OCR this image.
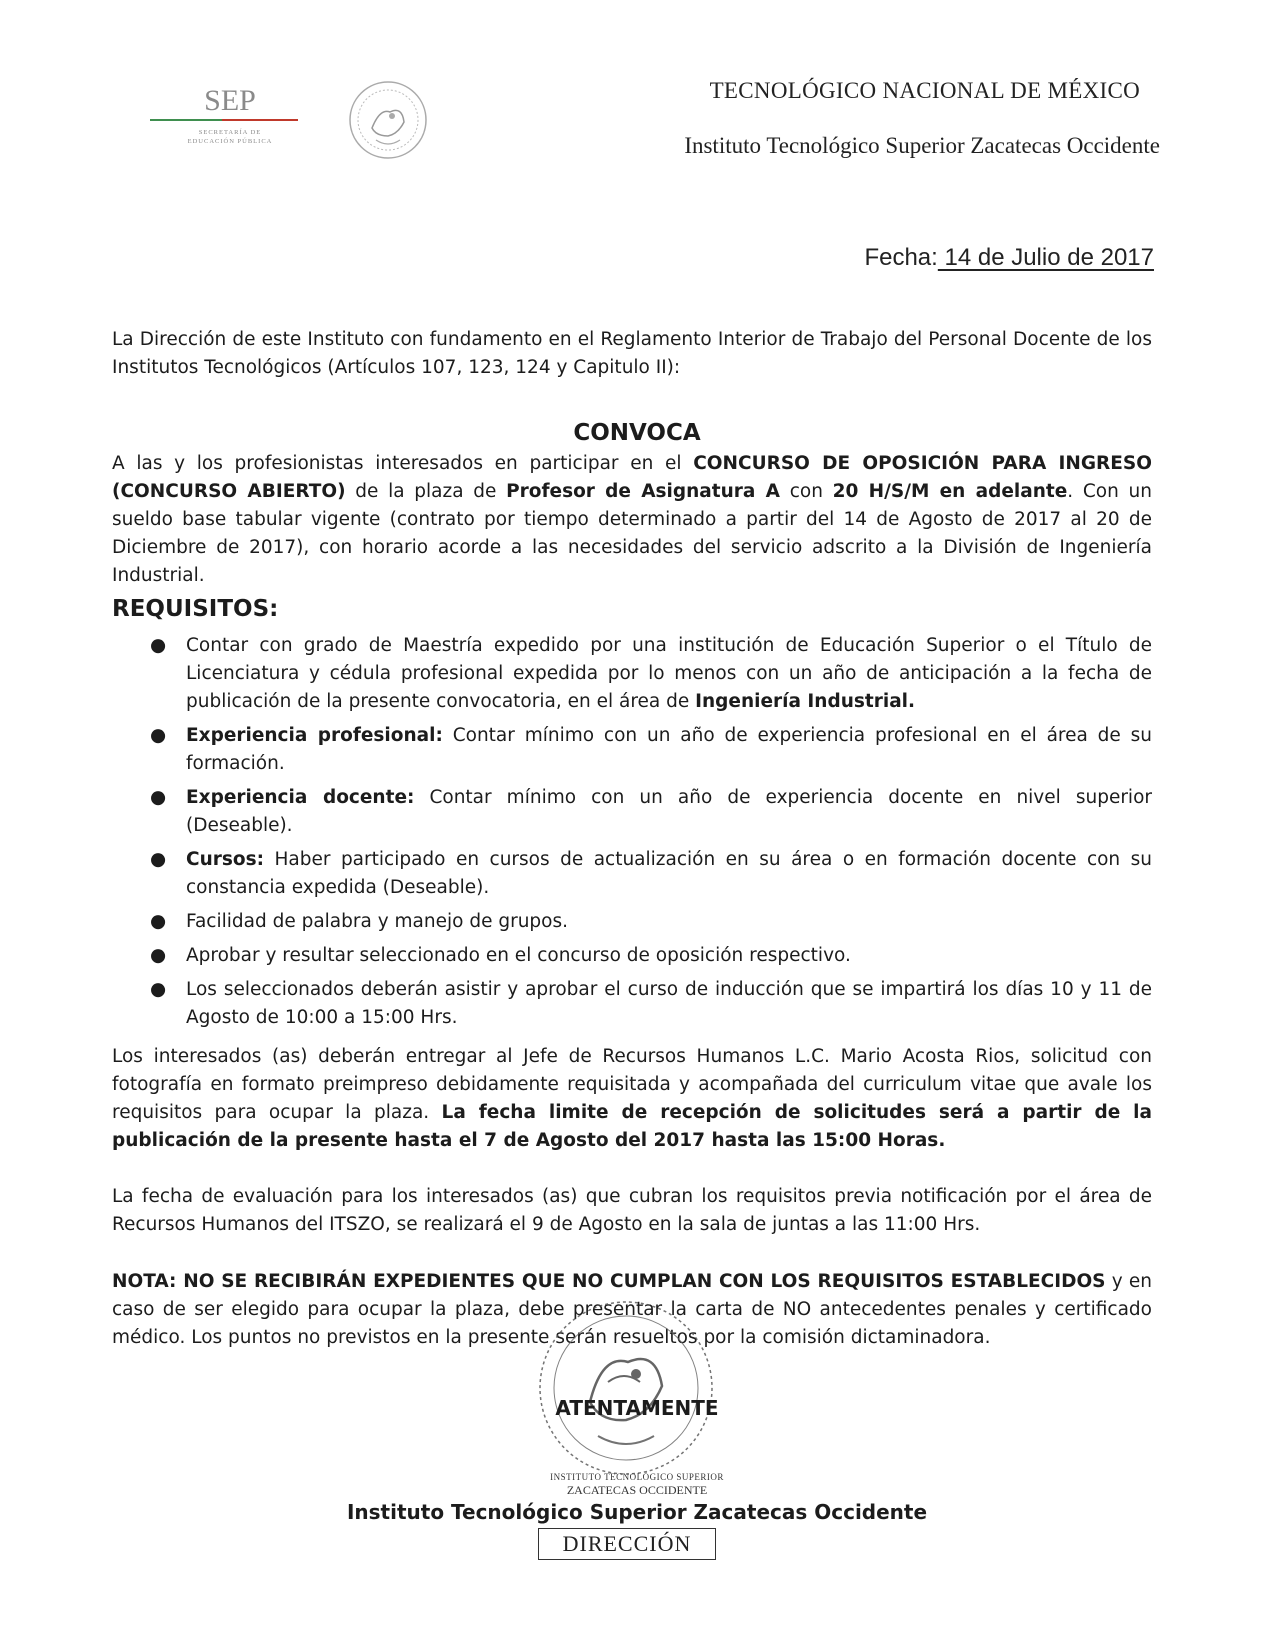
SEP
SECRETARÍA DE
EDUCACIÓN PÚBLICA
TECNOLÓGICO NACIONAL DE MÉXICO
Instituto Tecnológico Superior Zacatecas Occidente
Fecha: 14 de Julio de 2017
La Dirección de este Instituto con fundamento en el Reglamento Interior de Trabajo del Personal Docente de los Institutos Tecnológicos (Artículos 107, 123, 124 y Capitulo II):
CONVOCA
A las y los profesionistas interesados en participar en el CONCURSO DE OPOSICIÓN PARA INGRESO (CONCURSO ABIERTO) de la plaza de Profesor de Asignatura A con 20 H/S/M en adelante. Con un sueldo base tabular vigente (contrato por tiempo determinado a partir del 14 de Agosto de 2017 al 20 de Diciembre de 2017), con horario acorde a las necesidades del servicio adscrito a la División de Ingeniería Industrial.
REQUISITOS:
● Contar con grado de Maestría expedido por una institución de Educación Superior o el Título de Licenciatura y cédula profesional expedida por lo menos con un año de anticipación a la fecha de publicación de la presente convocatoria, en el área de Ingeniería Industrial.
● Experiencia profesional: Contar mínimo con un año de experiencia profesional en el área de su formación.
● Experiencia docente: Contar mínimo con un año de experiencia docente en nivel superior (Deseable).
● Cursos: Haber participado en cursos de actualización en su área o en formación docente con su constancia expedida (Deseable).
● Facilidad de palabra y manejo de grupos.
● Aprobar y resultar seleccionado en el concurso de oposición respectivo.
● Los seleccionados deberán asistir y aprobar el curso de inducción que se impartirá los días 10 y 11 de Agosto de 10:00 a 15:00 Hrs.
Los interesados (as) deberán entregar al Jefe de Recursos Humanos L.C. Mario Acosta Rios, solicitud con fotografía en formato preimpreso debidamente requisitada y acompañada del curriculum vitae que avale los requisitos para ocupar la plaza. La fecha limite de recepción de solicitudes será a partir de la publicación de la presente hasta el 7 de Agosto del 2017 hasta las 15:00 Horas.
La fecha de evaluación para los interesados (as) que cubran los requisitos previa notificación por el área de Recursos Humanos del ITSZO, se realizará el 9 de Agosto en la sala de juntas a las 11:00 Hrs.
NOTA: NO SE RECIBIRÁN EXPEDIENTES QUE NO CUMPLAN CON LOS REQUISITOS ESTABLECIDOS y en caso de ser elegido para ocupar la plaza, debe presentar la carta de NO antecedentes penales y certificado médico. Los puntos no previstos en la presente serán resueltos por la comisión dictaminadora.
ATENTAMENTE
INSTITUTO TECNOLÓGICO SUPERIOR
ZACATECAS OCCIDENTE
Instituto Tecnológico Superior Zacatecas Occidente
DIRECCIÓN
